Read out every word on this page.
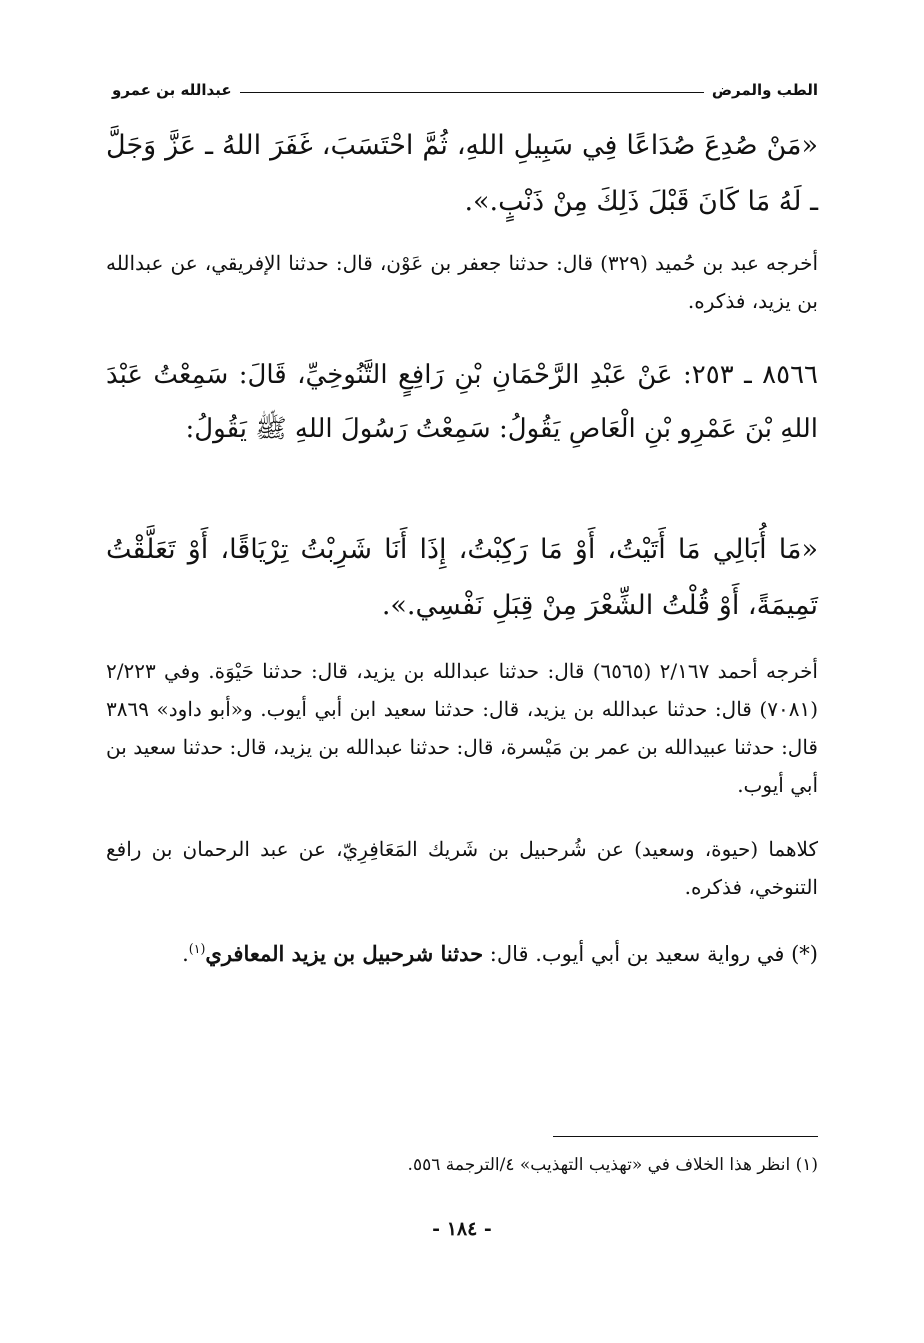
الطب والمرض
عبدالله بن عمرو
«مَنْ صُدِعَ صُدَاعًا فِي سَبِيلِ اللهِ، ثُمَّ احْتَسَبَ، غَفَرَ اللهُ ـ عَزَّ وَجَلَّ ـ لَهُ مَا كَانَ قَبْلَ ذَلِكَ مِنْ ذَنْبٍ.».
أخرجه عبد بن حُميد (٣٢٩) قال: حدثنا جعفر بن عَوْن، قال: حدثنا الإفريقي، عن عبدالله بن يزيد، فذكره.
٨٥٦٦ ـ ٢٥٣: عَنْ عَبْدِ الرَّحْمَانِ بْنِ رَافِعٍ التَّنُوخِيِّ، قَالَ: سَمِعْتُ عَبْدَ اللهِ بْنَ عَمْرِو بْنِ الْعَاصِ يَقُولُ: سَمِعْتُ رَسُولَ اللهِ ﷺ يَقُولُ:
«مَا أُبَالِي مَا أَتَيْتُ، أَوْ مَا رَكِبْتُ، إِذَا أَنَا شَرِبْتُ تِرْيَاقًا، أَوْ تَعَلَّقْتُ تَمِيمَةً، أَوْ قُلْتُ الشِّعْرَ مِنْ قِبَلِ نَفْسِي.».
أخرجه أحمد ٢/١٦٧ (٦٥٦٥) قال: حدثنا عبدالله بن يزيد، قال: حدثنا حَيْوَة. وفي ٢/٢٢٣ (٧٠٨١) قال: حدثنا عبدالله بن يزيد، قال: حدثنا سعيد ابن أبي أيوب. و«أبو داود» ٣٨٦٩ قال: حدثنا عبيدالله بن عمر بن مَيْسرة، قال: حدثنا عبدالله بن يزيد، قال: حدثنا سعيد بن أبي أيوب.
كلاهما (حيوة، وسعيد) عن شُرحبيل بن شَريك المَعَافِرِيّ، عن عبد الرحمان بن رافع التنوخي، فذكره.
(*) في رواية سعيد بن أبي أيوب. قال: حدثنا شرحبيل بن يزيد المعافري$^{(١)}$.
(١) انظر هذا الخلاف في «تهذيب التهذيب» ٤/الترجمة ٥٥٦.
- ١٨٤ -
